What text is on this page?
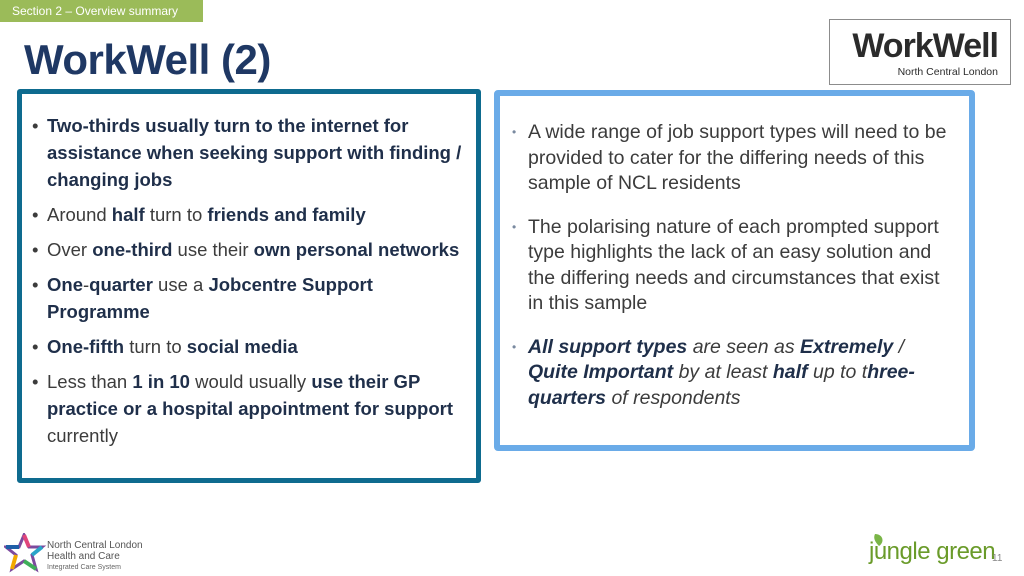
Section 2 – Overview summary
WorkWell (2)	WorkWell
North Central London
• Two-thirds usually turn to the internet for assistance when seeking support with finding / changing jobs
• Around half turn to friends and family
• Over one-third use their own personal networks
• One-quarter use a Jobcentre Support Programme
• One-fifth turn to social media
• Less than 1 in 10 would usually use their GP practice or a hospital appointment for support currently
• A wide range of job support types will need to be provided to cater for the differing needs of this sample of NCL residents
• The polarising nature of each prompted support type highlights the lack of an easy solution and the differing needs and circumstances that exist in this sample
• All support types are seen as Extremely / Quite Important by at least half up to three-quarters of respondents
North Central London
Health and Care
Integrated Care System
jungle green
11
